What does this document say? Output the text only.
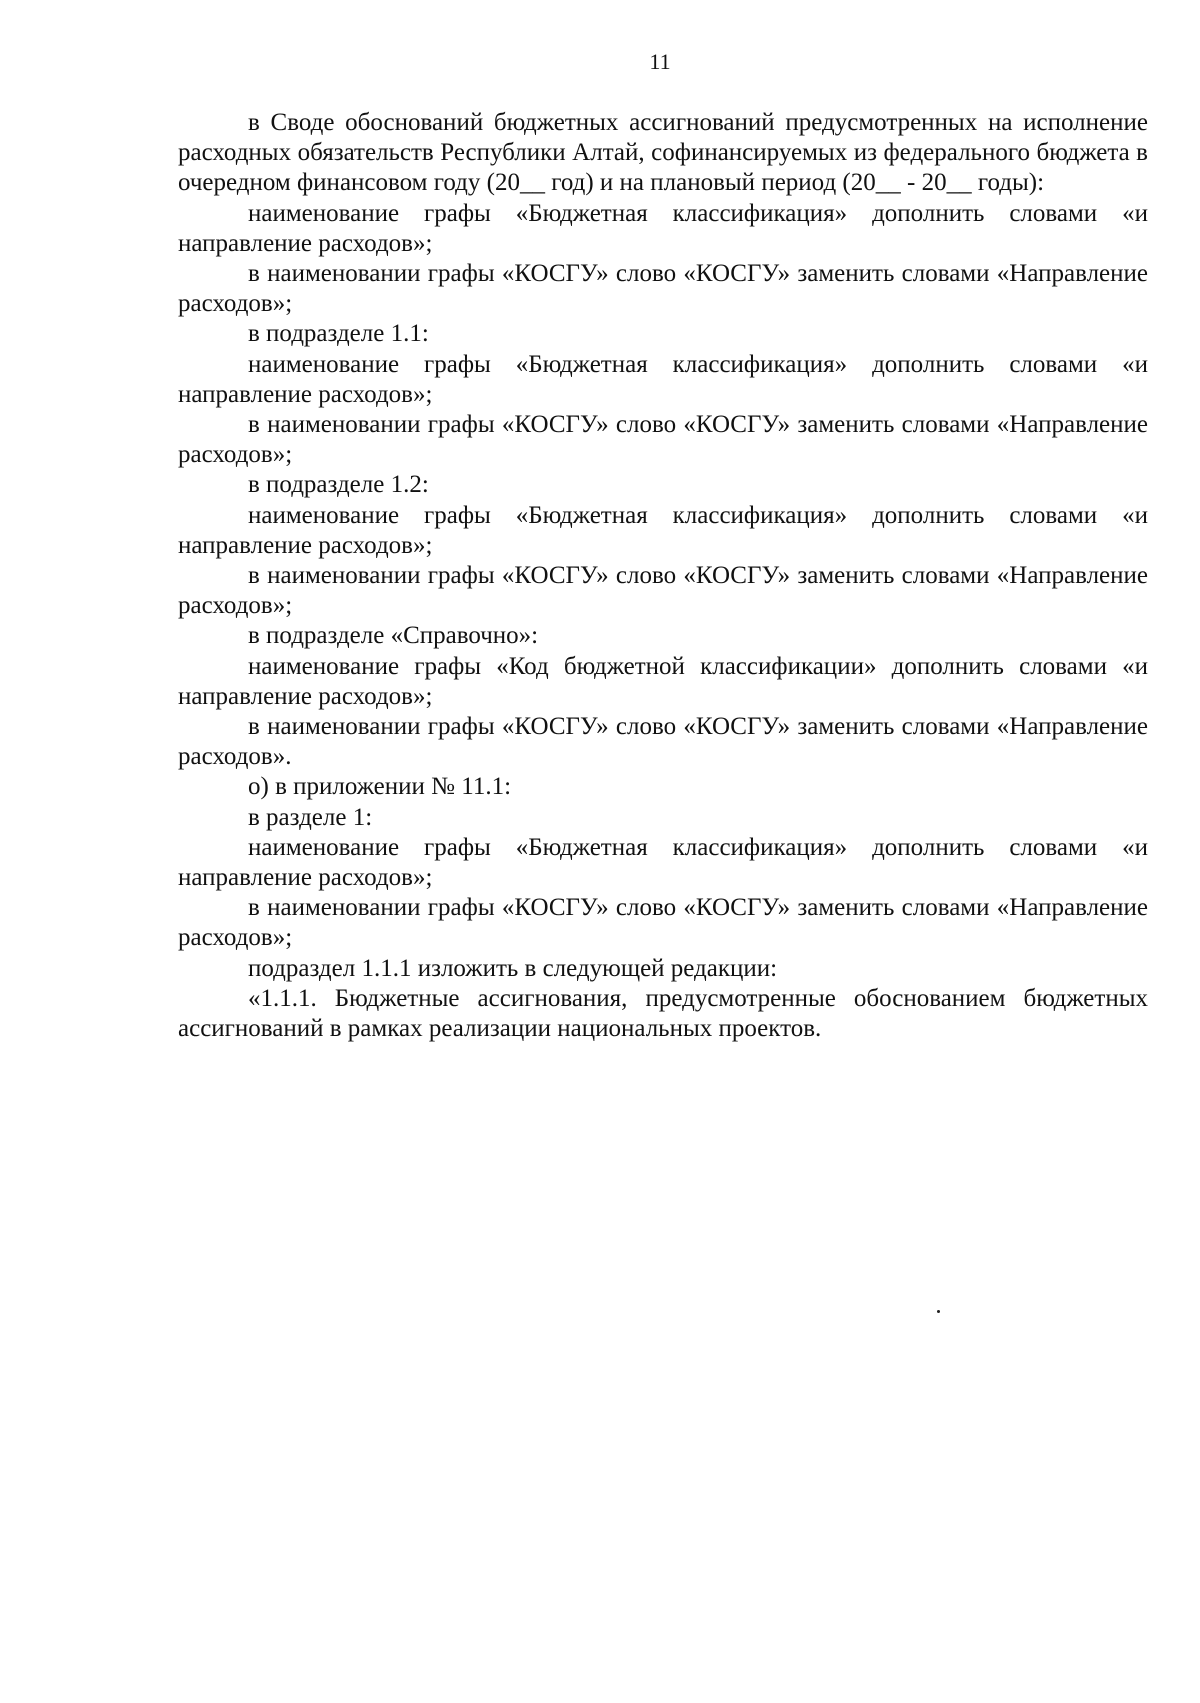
11

в Своде обоснований бюджетных ассигнований предусмотренных на исполнение расходных обязательств Республики Алтай, софинансируемых из федерального бюджета в очередном финансовом году (20__ год) и на плановый период (20__ - 20__ годы):

наименование графы «Бюджетная классификация» дополнить словами «и направление расходов»;

в наименовании графы «КОСГУ» слово «КОСГУ» заменить словами «Направление расходов»;

в подразделе 1.1:

наименование графы «Бюджетная классификация» дополнить словами «и направление расходов»;

в наименовании графы «КОСГУ» слово «КОСГУ» заменить словами «Направление расходов»;

в подразделе 1.2:

наименование графы «Бюджетная классификация» дополнить словами «и направление расходов»;

в наименовании графы «КОСГУ» слово «КОСГУ» заменить словами «Направление расходов»;

в подразделе «Справочно»:

наименование графы «Код бюджетной классификации» дополнить словами «и направление расходов»;

в наименовании графы «КОСГУ» слово «КОСГУ» заменить словами «Направление расходов».

о) в приложении № 11.1:

в разделе 1:

наименование графы «Бюджетная классификация» дополнить словами «и направление расходов»;

в наименовании графы «КОСГУ» слово «КОСГУ» заменить словами «Направление расходов»;

подраздел 1.1.1 изложить в следующей редакции:

«1.1.1. Бюджетные ассигнования, предусмотренные обоснованием бюджетных ассигнований в рамках реализации национальных проектов.
